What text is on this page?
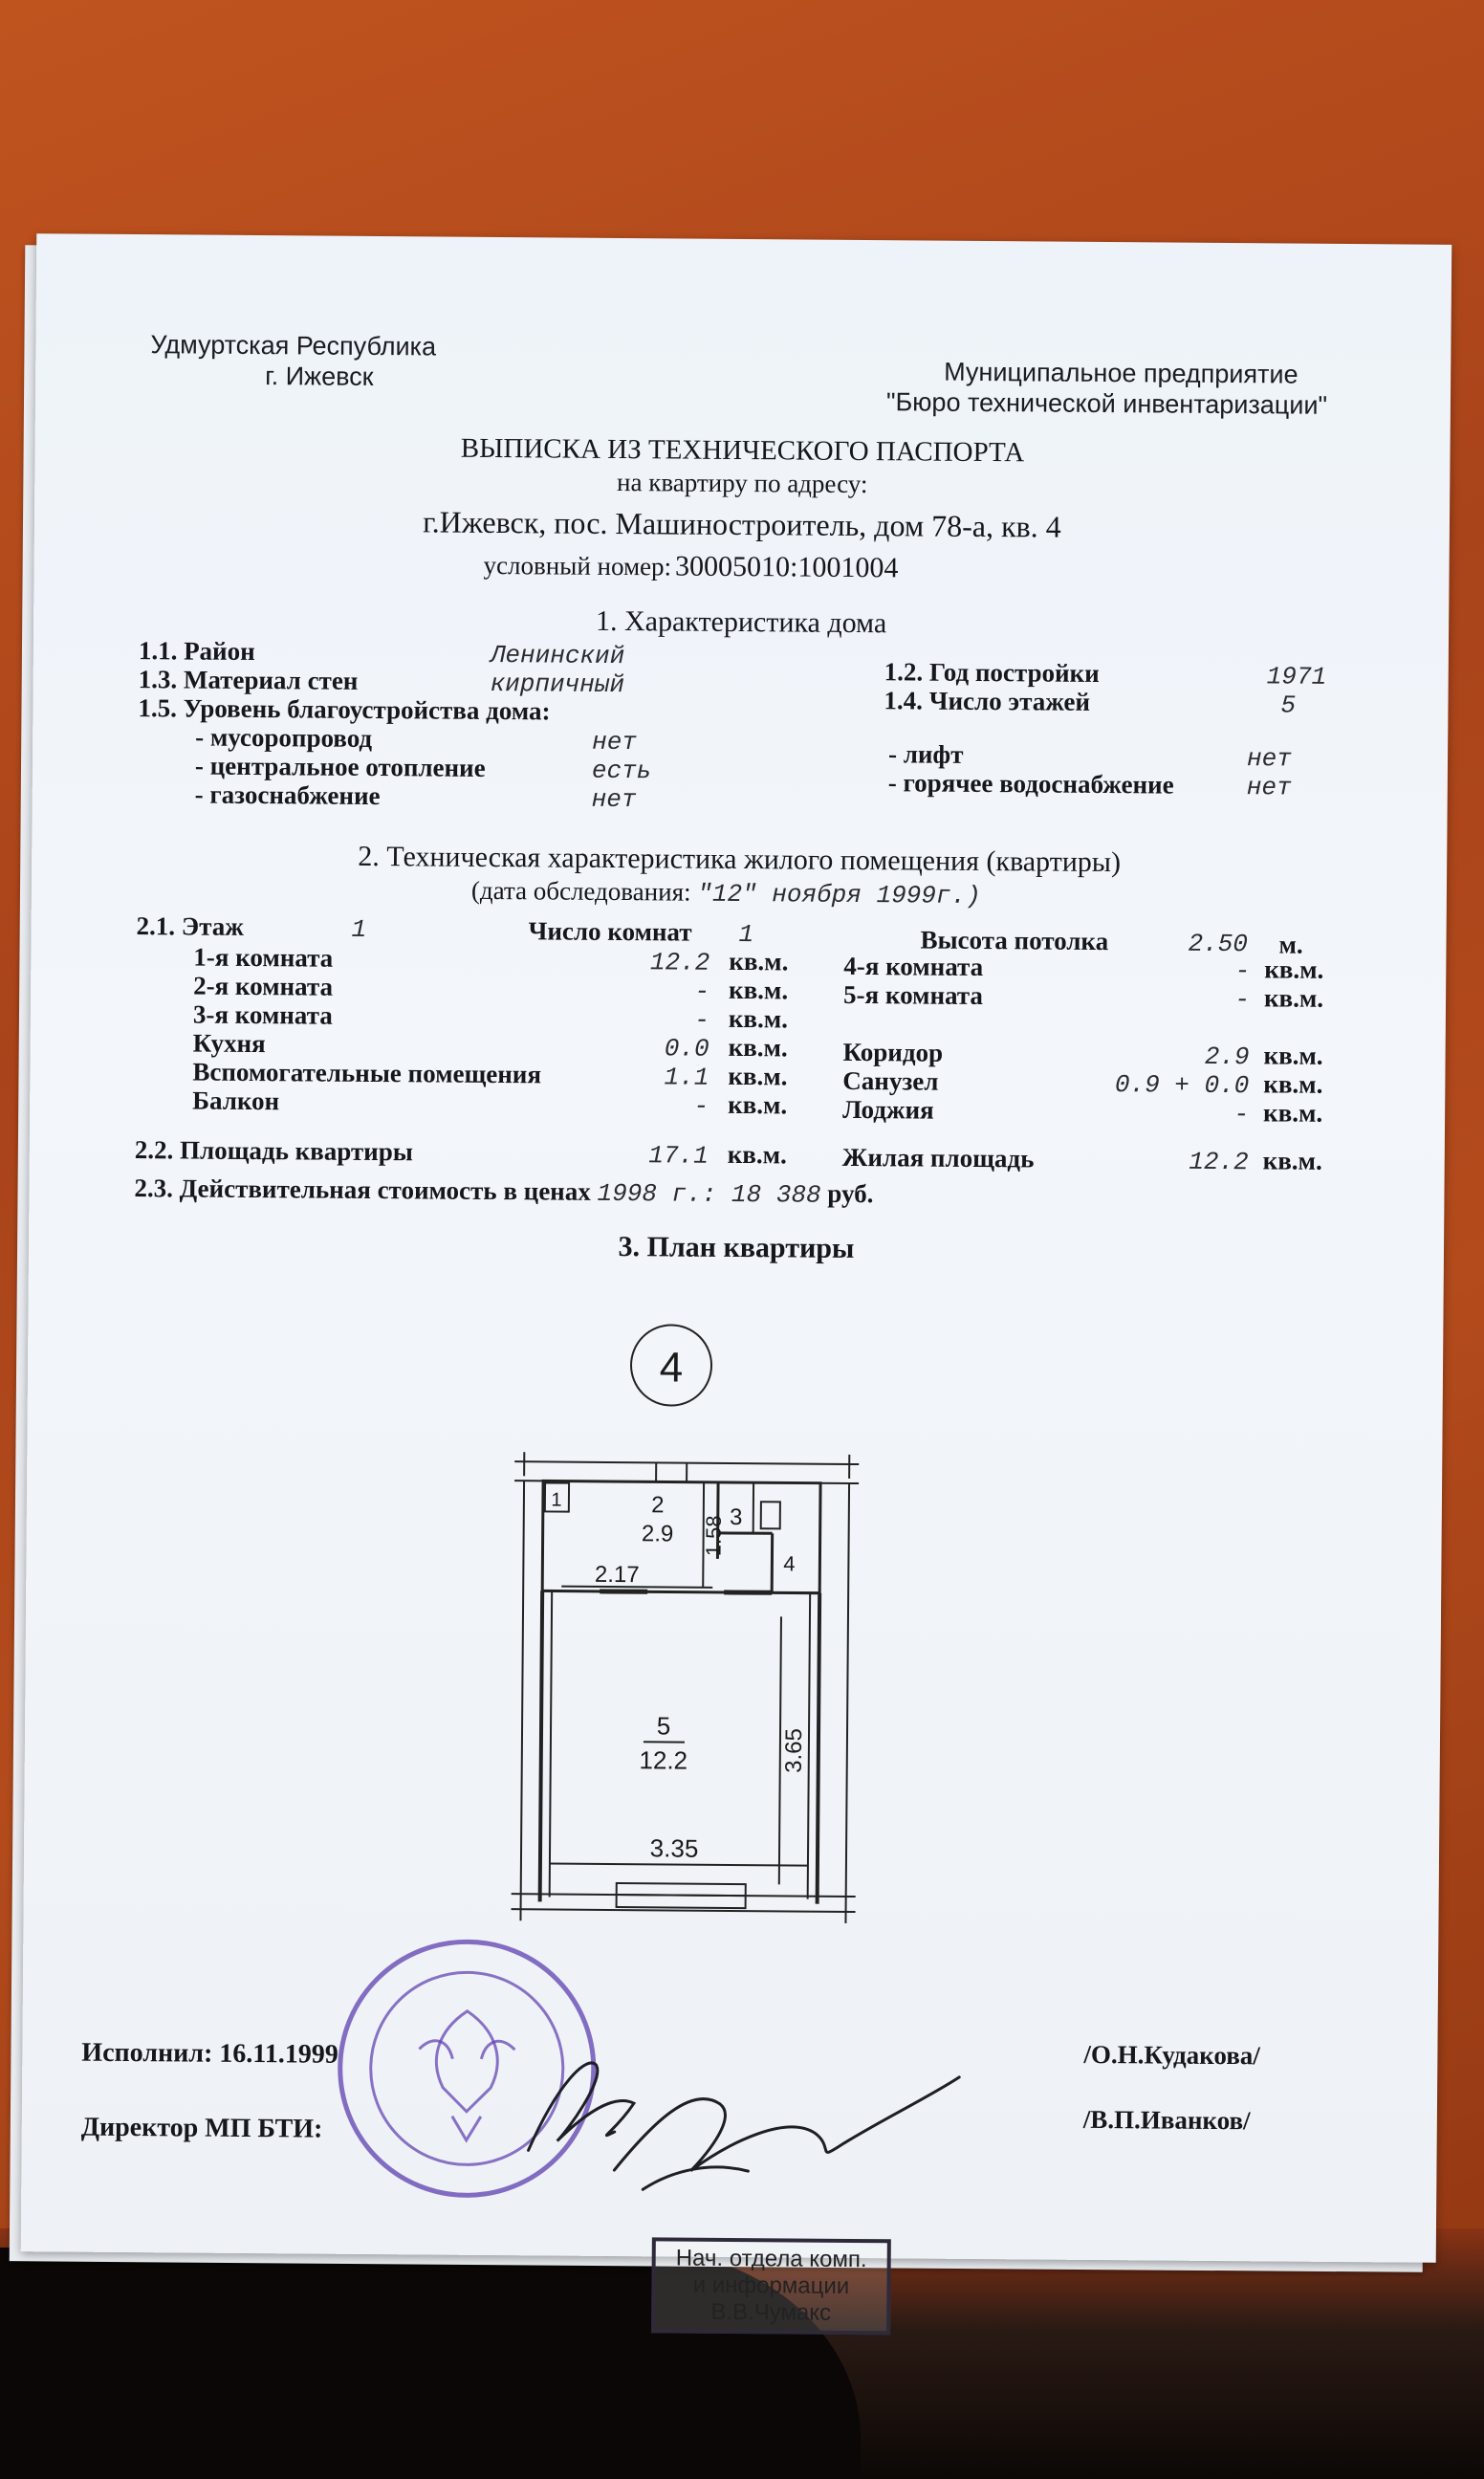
Удмуртская Республика
г. Ижевск	Муниципальное предприятие
"Бюро технической инвентаризации"
ВЫПИСКА ИЗ ТЕХНИЧЕСКОГО ПАСПОРТА
на квартиру по адресу:
г.Ижевск, пос. Машиностроитель, дом 78-а, кв. 4
условный номер: 30005010:1001004
1. Характеристика дома
1.1. Район	Ленинский
1.2. Год постройки	1971
1.3. Материал стен	кирпичный
1.4. Число этажей	5
1.5. Уровень благоустройства дома:
- мусоропровод	нет	- лифт	нет
- центральное отопление	есть	- горячее водоснабжение	нет
- газоснабжение	нет
2. Техническая характеристика жилого помещения (квартиры)
(дата обследования: "12" ноября 1999г.)
2.1. Этаж	1	Число комнат 1	Высота потолка	2.50 м.
1-я комната	12.2 кв.м.
2-я комната	- кв.м.
3-я комната	- кв.м.
Кухня	0.0 кв.м.
Вспомогательные помещения	1.1 кв.м.
Балкон	- кв.м.
4-я комната	- кв.м.
5-я комната	- кв.м.
Коридор	2.9 кв.м.
Санузел	0.9 + 0.0 кв.м.
Лоджия	- кв.м.
2.2. Площадь квартиры	17.1 кв.м. Жилая площадь	12.2 кв.м.
2.3. Действительная стоимость в ценах 1998 г.: 18 388 руб.
3. План квартиры
4
1	2
2.9 1.58 3
4
2.17
5
12.2	3.65
3.35
Исполнил: 16.11.1999
Директор МП БТИ:
/О.Н.Кудакова/
/В.П.Иванков/
Нач. отдела комп.
и информации
В.В.Чумакс
